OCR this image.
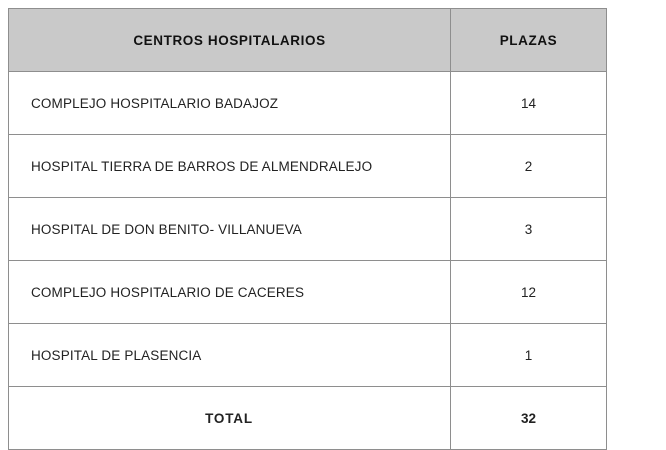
CENTROS HOSPITALARIOS	PLAZAS
COMPLEJO HOSPITALARIO BADAJOZ	14
HOSPITAL TIERRA DE BARROS DE ALMENDRALEJO	2
HOSPITAL DE DON BENITO- VILLANUEVA	3
COMPLEJO HOSPITALARIO DE CACERES	12
HOSPITAL DE PLASENCIA	1
TOTAL	32
